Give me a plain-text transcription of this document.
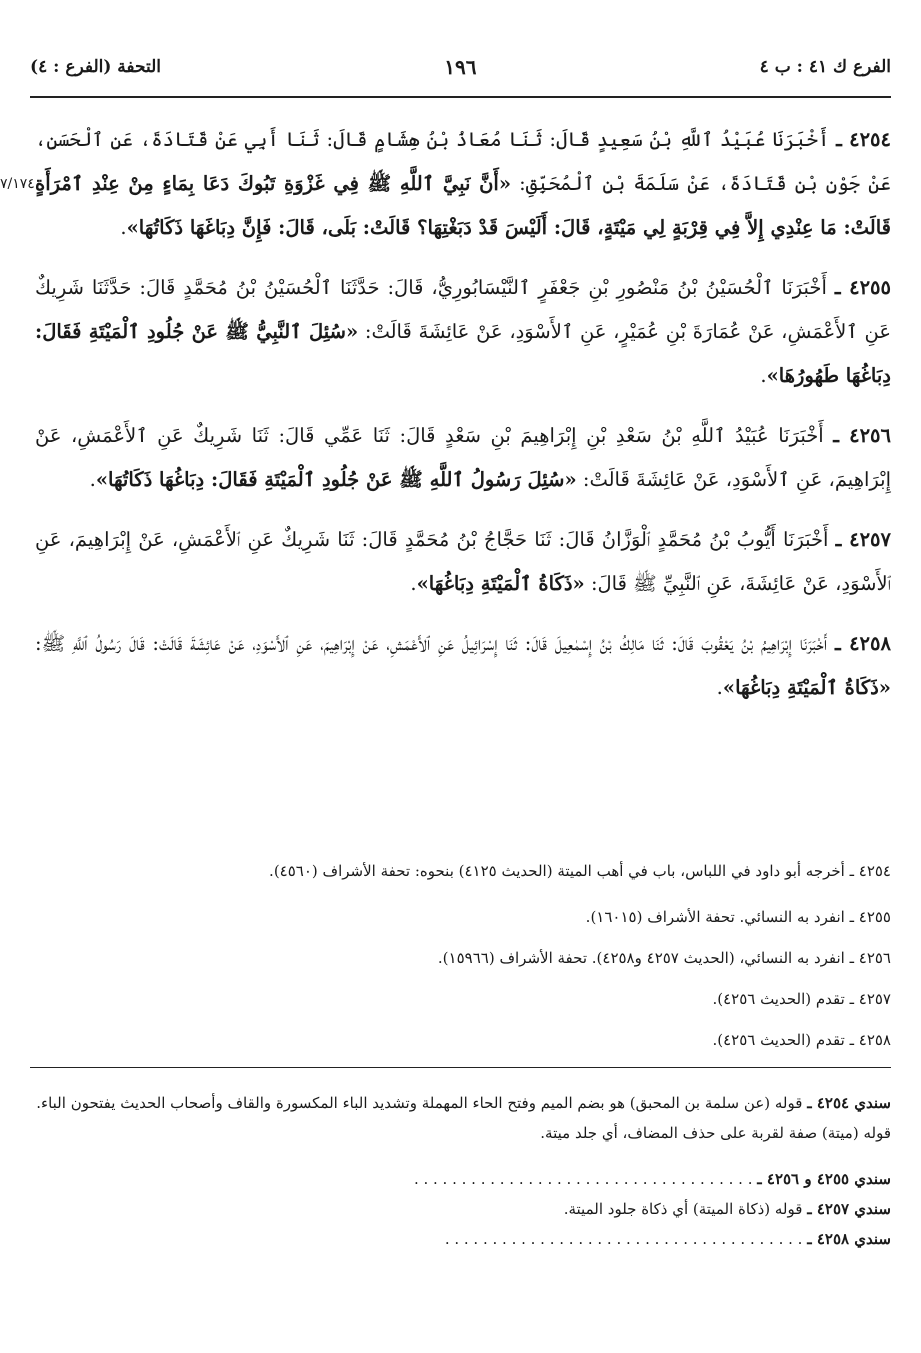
الفرع ك ٤١ : ب ٤
١٩٦
التحفة (الفرع : ٤)
٧/١٧٤

٤٢٥٤ ـ أَخْبَرَنَا عُبَيْدُ ٱللَّهِ بْنُ سَعِيدٍ قَالَ: ثَنَا مُعَاذُ بْنُ هِشَامٍ قَالَ: ثَنَا أَبِي عَنْ قَتَادَةَ، عَنِ ٱلْحَسَنِ، عَنْ جَوْنِ بْنِ قَتَادَةَ، عَنْ سَلَمَةَ بْنِ ٱلْمُحَبِّقِ: «أَنَّ نَبِيَّ ٱللَّهِ ﷺ فِي غَزْوَةِ تَبُوكَ دَعَا بِمَاءٍ مِنْ عِنْدِ ٱمْرَأَةٍ قَالَتْ: مَا عِنْدِي إِلاَّ فِي قِرْبَةٍ لِي مَيْتَةٍ، قَالَ: أَلَيْسَ قَدْ دَبَغْتِهَا؟ قَالَتْ: بَلَى، قَالَ: فَإِنَّ دِبَاغَهَا ذَكَاتُهَا».

٤٢٥٥ ـ أَخْبَرَنَا ٱلْحُسَيْنُ بْنُ مَنْصُورِ بْنِ جَعْفَرٍ ٱلنَّيْسَابُورِيُّ، قَالَ: حَدَّثَنَا ٱلْحُسَيْنُ بْنُ مُحَمَّدٍ قَالَ: حَدَّثَنَا شَرِيكٌ عَنِ ٱلأَعْمَشِ، عَنْ عُمَارَةَ بْنِ عُمَيْرٍ، عَنِ ٱلأَسْوَدِ، عَنْ عَائِشَةَ قَالَتْ: «سُئِلَ ٱلنَّبِيُّ ﷺ عَنْ جُلُودِ ٱلْمَيْتَةِ فَقَالَ: دِبَاغُهَا طَهُورُهَا».

٤٢٥٦ ـ أَخْبَرَنَا عُبَيْدُ ٱللَّهِ بْنُ سَعْدِ بْنِ إِبْرَاهِيمَ بْنِ سَعْدٍ قَالَ: ثَنَا عَمِّي قَالَ: ثَنَا شَرِيكٌ عَنِ ٱلأَعْمَشِ، عَنْ إِبْرَاهِيمَ، عَنِ ٱلأَسْوَدِ، عَنْ عَائِشَةَ قَالَتْ: «سُئِلَ رَسُولُ ٱللَّهِ ﷺ عَنْ جُلُودِ ٱلْمَيْتَةِ فَقَالَ: دِبَاغُهَا ذَكَاتُهَا».

٤٢٥٧ ـ أَخْبَرَنَا أَيُّوبُ بْنُ مُحَمَّدٍ ٱلْوَزَّانُ قَالَ: ثَنَا حَجَّاجُ بْنُ مُحَمَّدٍ قَالَ: ثَنَا شَرِيكٌ عَنِ ٱلأَعْمَشِ، عَنْ إِبْرَاهِيمَ، عَنِ ٱلأَسْوَدِ، عَنْ عَائِشَةَ، عَنِ ٱلنَّبِيِّ ﷺ قَالَ: «ذَكَاةُ ٱلْمَيْتَةِ دِبَاغُهَا».

٤٢٥٨ ـ أَخْبَرَنَا إِبْرَاهِيمُ بْنُ يَعْقُوبَ قَالَ: ثَنَا مَالِكُ بْنُ إِسْمٰعِيلَ قَالَ: ثَنَا إِسْرَائِيلُ عَنِ ٱلأَعْمَشِ، عَنْ إِبْرَاهِيمَ، عَنِ ٱلأَسْوَدِ، عَنْ عَائِشَةَ قَالَتْ: قَالَ رَسُولُ ٱللَّهِ ﷺ: «ذَكَاةُ ٱلْمَيْتَةِ دِبَاغُهَا».

٤٢٥٤ ـ أخرجه أبو داود في اللباس، باب في أهب الميتة (الحديث ٤١٢٥) بنحوه: تحفة الأشراف (٤٥٦٠).

٤٢٥٥ ـ انفرد به النسائي. تحفة الأشراف (١٦٠١٥).

٤٢٥٦ ـ انفرد به النسائي، (الحديث ٤٢٥٧ و٤٢٥٨). تحفة الأشراف (١٥٩٦٦).

٤٢٥٧ ـ تقدم (الحديث ٤٢٥٦).

٤٢٥٨ ـ تقدم (الحديث ٤٢٥٦).

سندي ٤٢٥٤ ـ قوله (عن سلمة بن المحبق) هو بضم الميم وفتح الحاء المهملة وتشديد الباء المكسورة والقاف وأصحاب الحديث يفتحون الباء. قوله (ميتة) صفة لقربة على حذف المضاف، أي جلد ميتة.

سندي ٤٢٥٥ و ٤٢٥٦ ـ . . . . . . . . . . . . . . . . . . . . . . . . . . . . . . . . . . . .

سندي ٤٢٥٧ ـ قوله (ذكاة الميتة) أي ذكاة جلود الميتة.

سندي ٤٢٥٨ ـ . . . . . . . . . . . . . . . . . . . . . . . . . . . . . . . . . . . . . .
